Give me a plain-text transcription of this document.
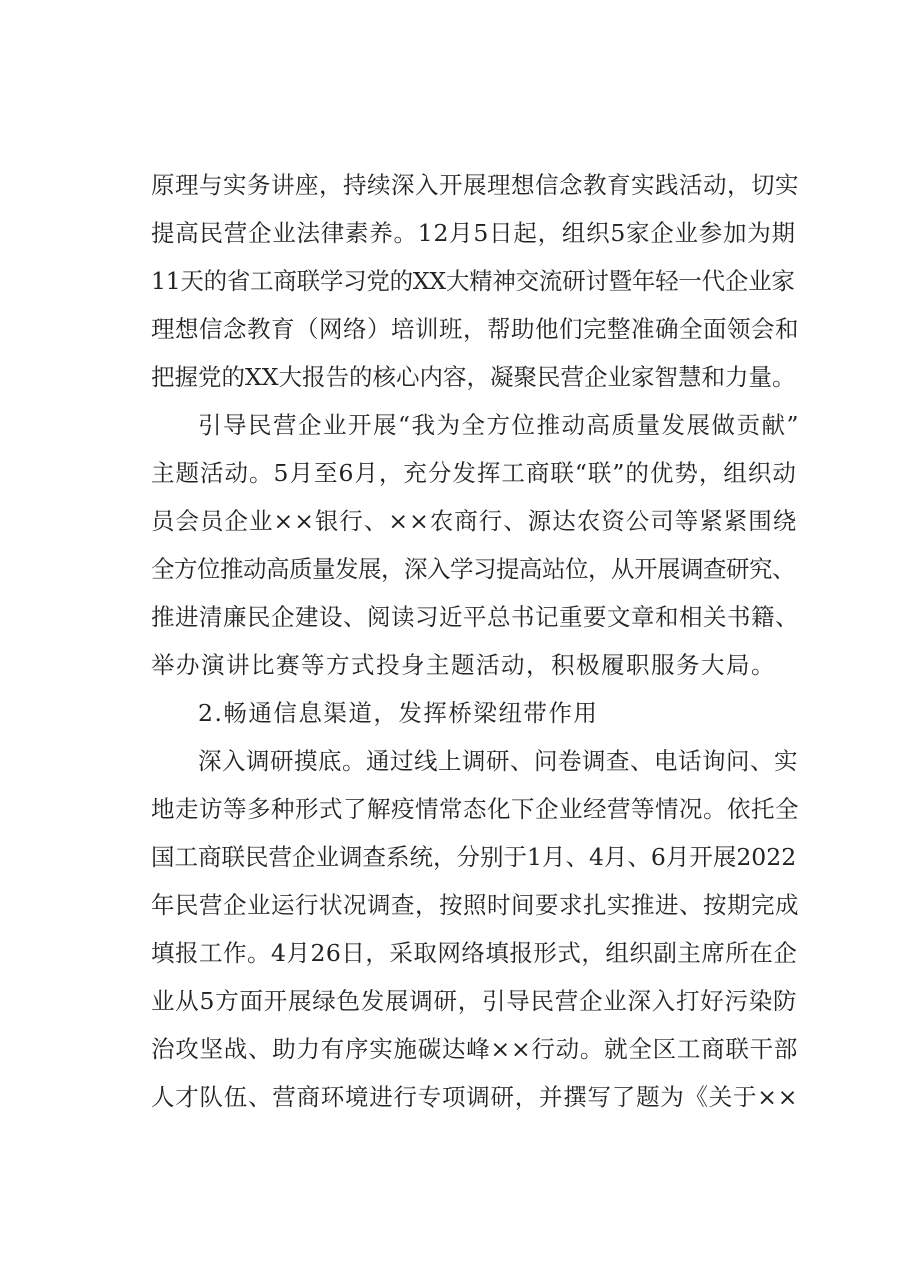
原理与实务讲座，持续深入开展理想信念教育实践活动，切实
提高民营企业法律素养。12月5日起，组织5家企业参加为期
11天的省工商联学习党的XX大精神交流研讨暨年轻一代企业家
理想信念教育（网络）培训班，帮助他们完整准确全面领会和
把握党的XX大报告的核心内容，凝聚民营企业家智慧和力量。
引导民营企业开展“我为全方位推动高质量发展做贡献”
主题活动。5月至6月，充分发挥工商联“联”的优势，组织动
员会员企业××银行、××农商行、源达农资公司等紧紧围绕
全方位推动高质量发展，深入学习提高站位，从开展调查研究、
推进清廉民企建设、阅读习近平总书记重要文章和相关书籍、
举办演讲比赛等方式投身主题活动，积极履职服务大局。
2.畅通信息渠道，发挥桥梁纽带作用
深入调研摸底。通过线上调研、问卷调查、电话询问、实
地走访等多种形式了解疫情常态化下企业经营等情况。依托全
国工商联民营企业调查系统，分别于1月、4月、6月开展2022
年民营企业运行状况调查，按照时间要求扎实推进、按期完成
填报工作。4月26日，采取网络填报形式，组织副主席所在企
业从5方面开展绿色发展调研，引导民营企业深入打好污染防
治攻坚战、助力有序实施碳达峰××行动。就全区工商联干部
人才队伍、营商环境进行专项调研，并撰写了题为《关于××
